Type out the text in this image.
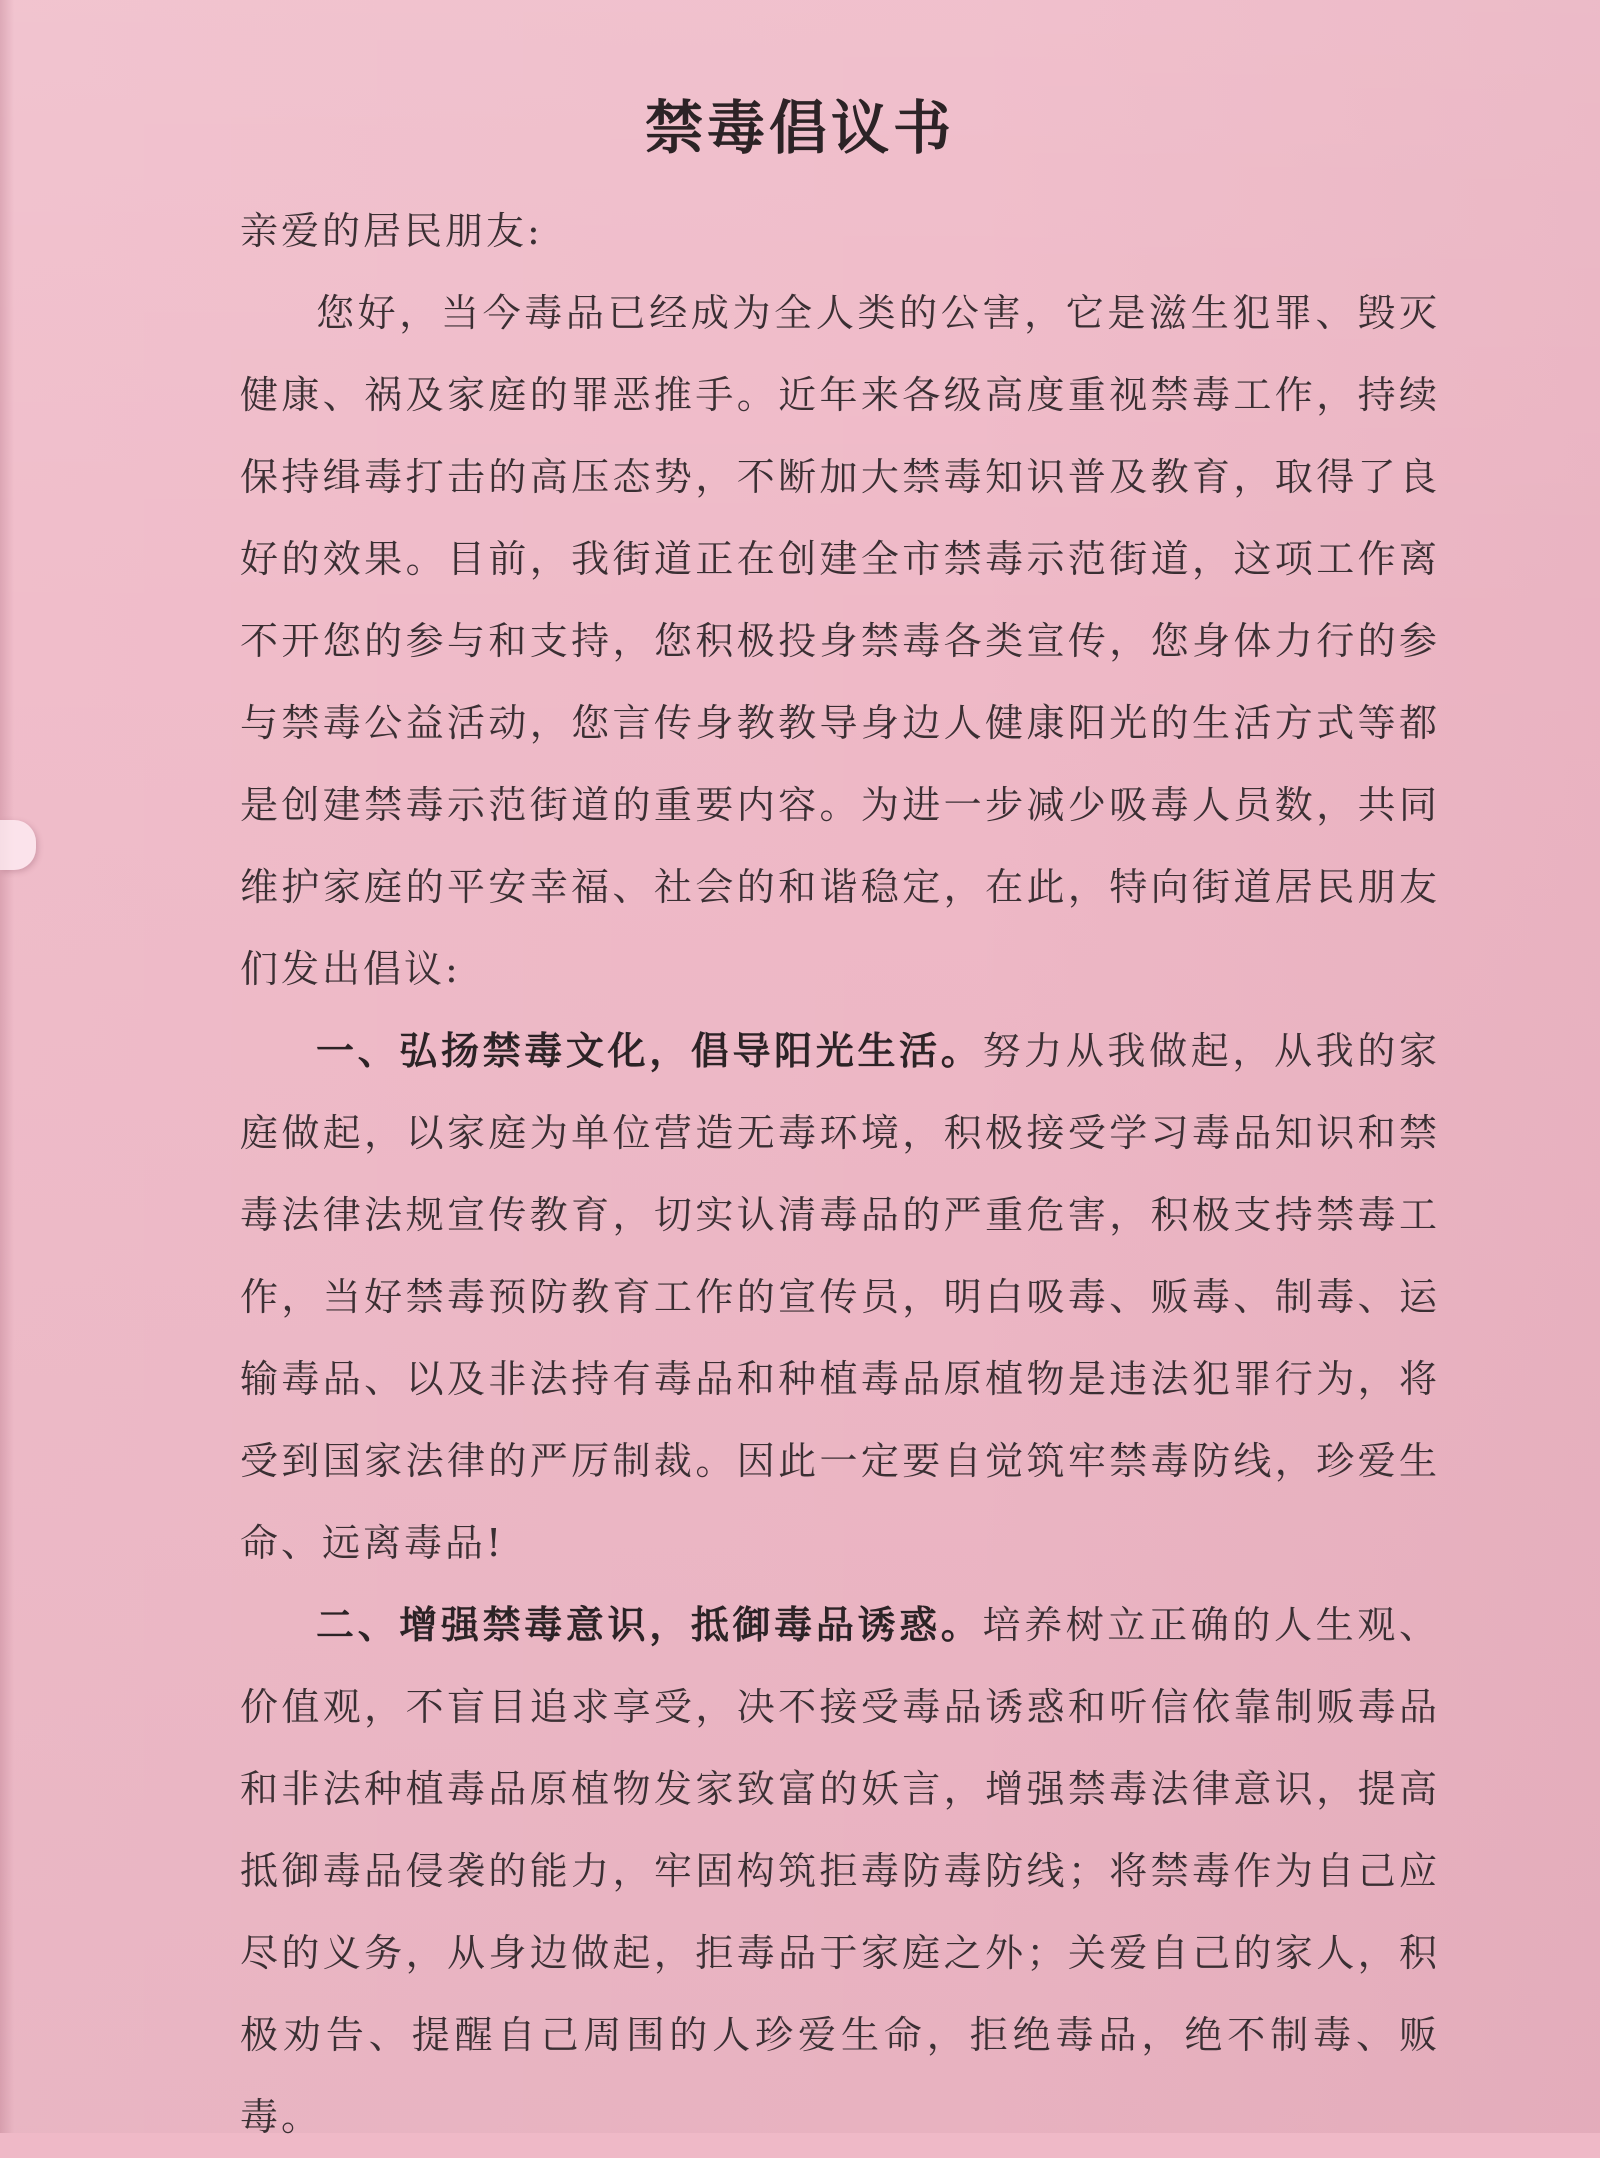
禁毒倡议书

亲爱的居民朋友:

您好，当今毒品已经成为全人类的公害，它是滋生犯罪、毁灭健康、祸及家庭的罪恶推手。近年来各级高度重视禁毒工作，持续保持缉毒打击的高压态势，不断加大禁毒知识普及教育，取得了良好的效果。目前，我街道正在创建全市禁毒示范街道，这项工作离不开您的参与和支持，您积极投身禁毒各类宣传，您身体力行的参与禁毒公益活动，您言传身教教导身边人健康阳光的生活方式等都是创建禁毒示范街道的重要内容。为进一步减少吸毒人员数，共同维护家庭的平安幸福、社会的和谐稳定，在此，特向街道居民朋友们发出倡议:

一、弘扬禁毒文化，倡导阳光生活。努力从我做起，从我的家庭做起，以家庭为单位营造无毒环境，积极接受学习毒品知识和禁毒法律法规宣传教育，切实认清毒品的严重危害，积极支持禁毒工作，当好禁毒预防教育工作的宣传员，明白吸毒、贩毒、制毒、运输毒品、以及非法持有毒品和种植毒品原植物是违法犯罪行为，将受到国家法律的严厉制裁。因此一定要自觉筑牢禁毒防线，珍爱生命、远离毒品!

二、增强禁毒意识，抵御毒品诱惑。培养树立正确的人生观、价值观，不盲目追求享受，决不接受毒品诱惑和听信依靠制贩毒品和非法种植毒品原植物发家致富的妖言，增强禁毒法律意识，提高抵御毒品侵袭的能力，牢固构筑拒毒防毒防线；将禁毒作为自己应尽的义务，从身边做起，拒毒品于家庭之外；关爱自己的家人，积极劝告、提醒自己周围的人珍爱生命，拒绝毒品，绝不制毒、贩毒。
